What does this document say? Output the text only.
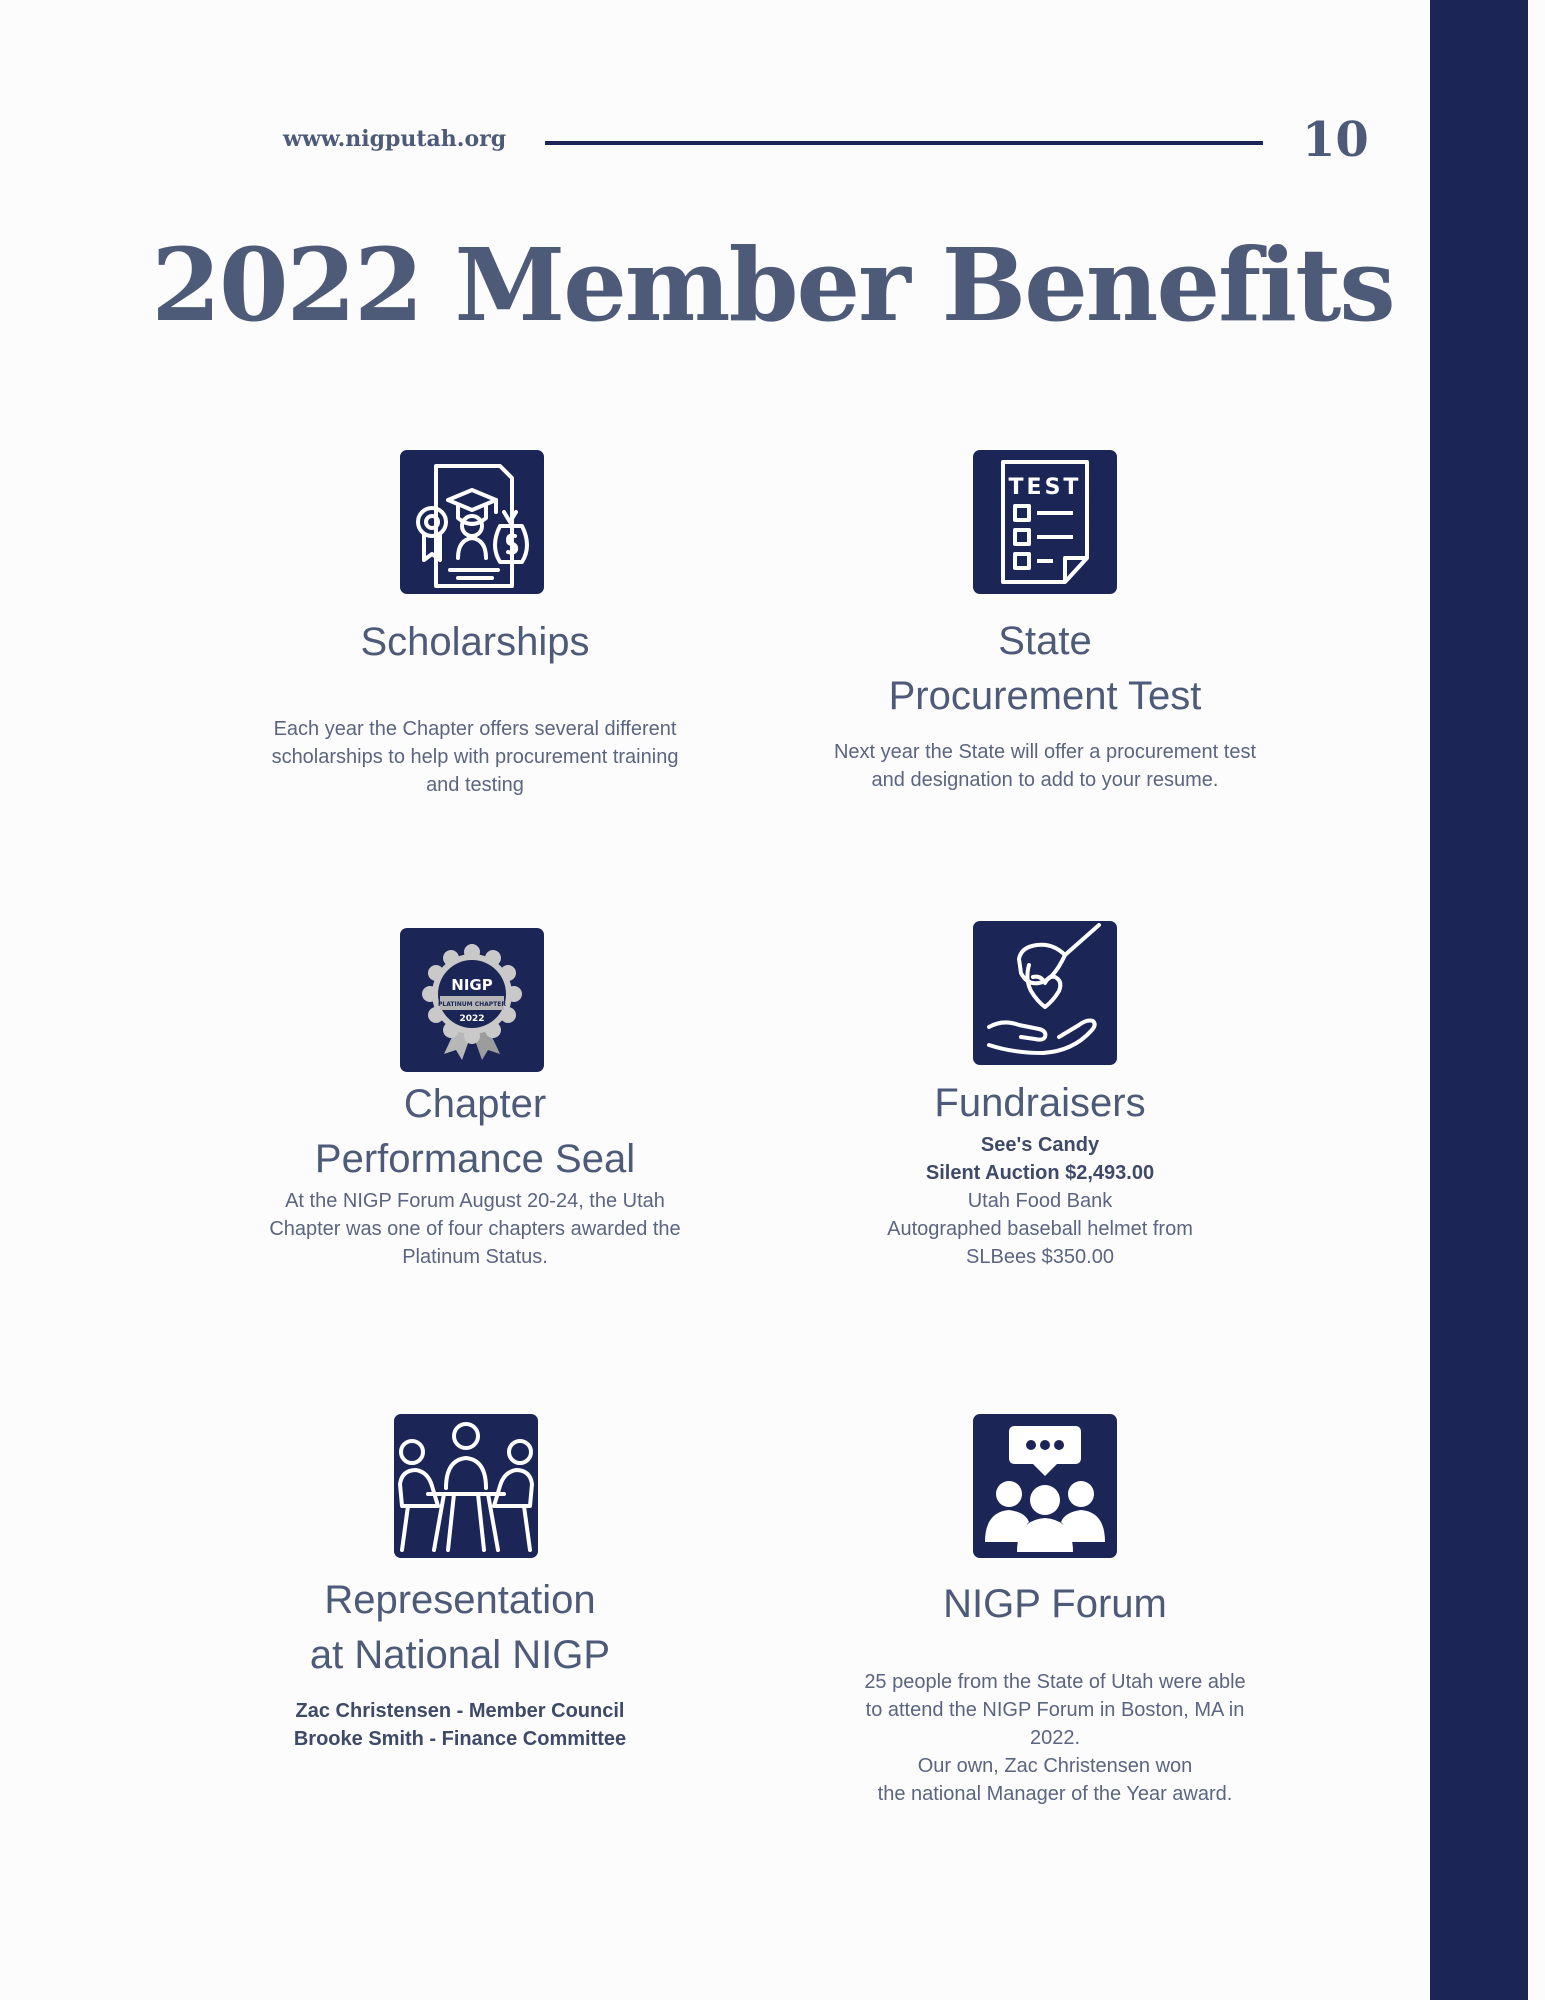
www.nigputah.org	10
2022 Member Benefits
Scholarships
Each year the Chapter offers several different
scholarships to help with procurement training
and testing
TEST
State
Procurement Test
Next year the State will offer a procurement test
and designation to add to your resume.
NIGP
PLATINUM CHAPTER
2022
Chapter
Performance Seal
At the NIGP Forum August 20-24, the Utah
Chapter was one of four chapters awarded the
Platinum Status.
Fundraisers
See's Candy
Silent Auction $2,493.00
Utah Food Bank
Autographed baseball helmet from
SLBees $350.00
Representation
at National NIGP
Zac Christensen - Member Council
Brooke Smith - Finance Committee
NIGP Forum
25 people from the State of Utah were able
to attend the NIGP Forum in Boston, MA in
2022.
Our own, Zac Christensen won
the national Manager of the Year award.
